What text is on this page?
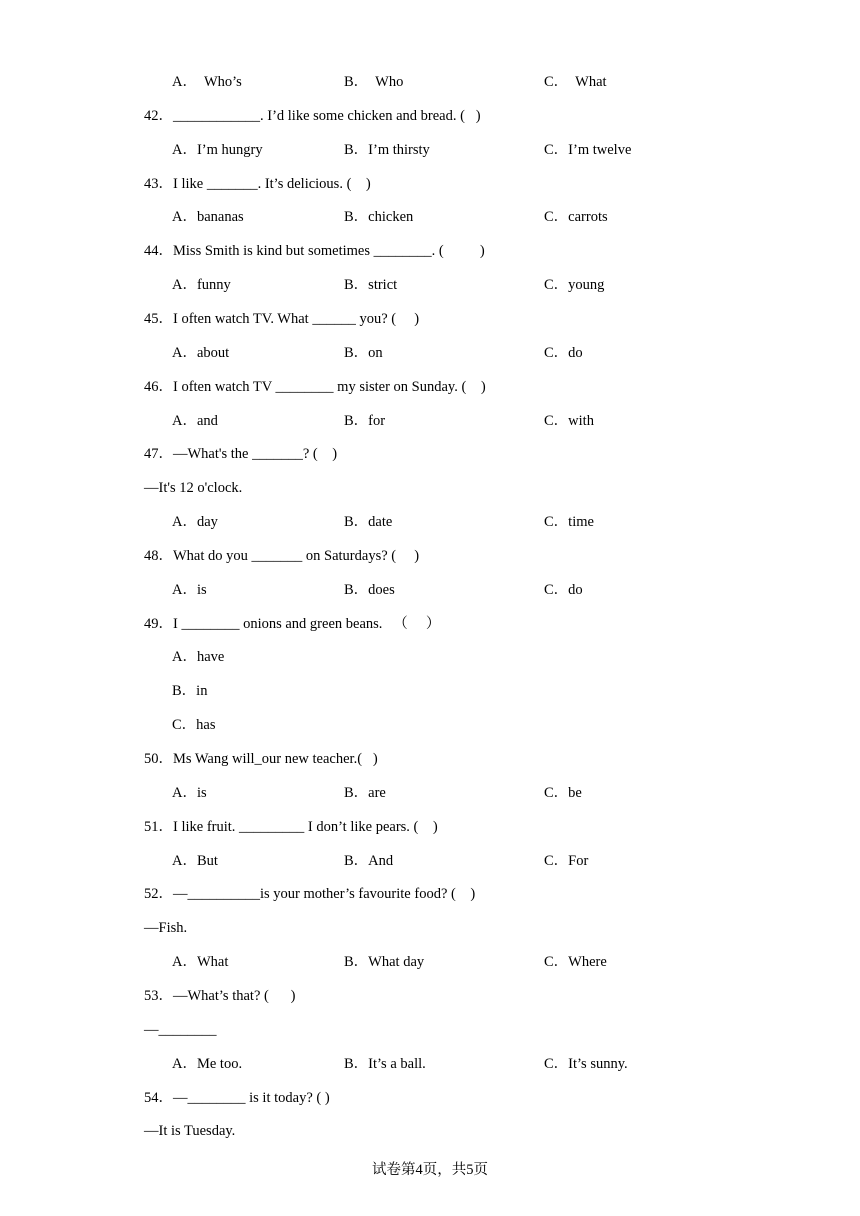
A．  Who’s	B．  Who	C．  What
42．____________. I’d like some chicken and bread. (   )
A．I’m hungry	B．I’m thirsty	C．I’m twelve
43．I like _______. It’s delicious. (    )
A．bananas	B．chicken	C．carrots
44．Miss Smith is kind but sometimes ________. (          )
A．funny	B．strict	C．young
45．I often watch TV. What ______ you? (     )
A．about	B．on	C．do
46．I often watch TV ________ my sister on Sunday. (    )
A．and	B．for	C．with
47．—What's the _______? (    )
—It's 12 o'clock.
A．day	B．date	C．time
48．What do you _______ on Saturdays? (     )
A．is	B．does	C．do
49．I ________ onions and green beans.   （     ）
A．have
B．in
C．has
50．Ms Wang will_our new teacher.(   )
A．is	B．are	C．be
51．I like fruit. _________ I don’t like pears. (    )
A．But	B．And	C．For
52．—__________is your mother’s favourite food? (    )
—Fish.
A．What	B．What day	C．Where
53．—What’s that? (      )
—________
A．Me too.	B．It’s a ball.	C．It’s sunny.
54．—________ is it today? ( )
—It is Tuesday.
试卷第4页，共5页
